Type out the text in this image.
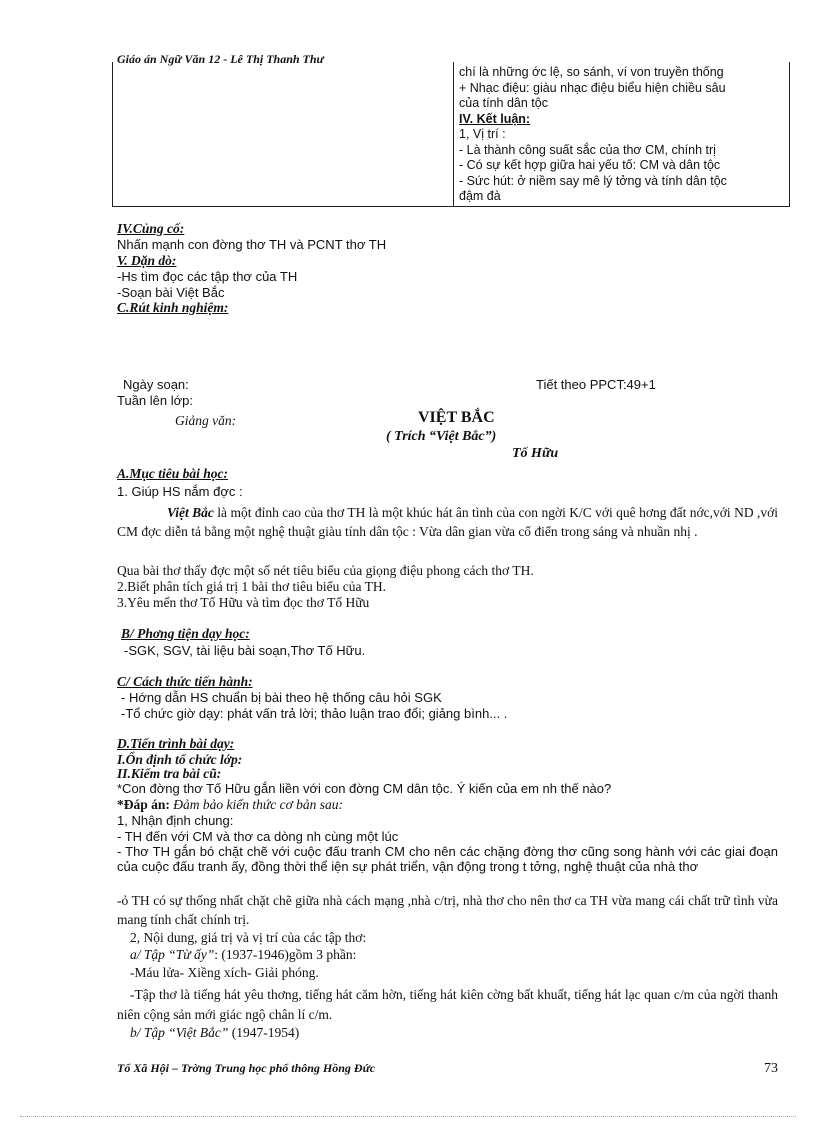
Giáo án Ngữ Văn 12 - Lê Thị Thanh Thư
chí là những ớc lệ, so sánh, ví von truyền thống
+ Nhạc điệu: giàu nhạc điệu biểu hiện chiều sâu
của tính dân tộc
IV. Kết luận:
1, Vị trí :
- Là thành công suất sắc của thơ CM, chính trị
- Có sự kết hợp giữa hai yếu tố: CM và dân tộc
- Sức hút: ở niềm say mê lý tởng và tính dân tộc
đậm đà
IV.Củng cố:
Nhấn mạnh con đờng thơ TH và PCNT thơ TH
V. Dặn dò:
-Hs tìm đọc các tập thơ của TH
-Soạn bài Việt Bắc
C.Rút kinh nghiệm:
Ngày soạn:	Tiết theo PPCT:49+1
Tuần lên lớp:
Giảng văn:	VIỆT BẮC
( Trích “Việt Bắc”)
Tố Hữu
A.Mục tiêu bài học:
1. Giúp HS nắm đợc :
Việt Bắc là một đỉnh cao của thơ TH là một khúc hát ân tình của con ngời K/C với quê hơng đất nớc,với ND ,với CM đợc diễn tả bằng một nghệ thuật giàu tính dân tộc : Vừa dân gian vừa cổ điển trong sáng và nhuần nhị .
Qua bài thơ thấy đợc một số nét tiêu biểu của giọng điệu phong cách thơ TH.
2.Biết phân tích giá trị 1 bài thơ tiêu biểu của TH.
3.Yêu mến thơ Tố Hữu và tìm đọc thơ Tố Hữu
B/ Phơng tiện dạy học:
-SGK, SGV, tài liệu bài soạn,Thơ Tố Hữu.
C/ Cách thức tiến hành:
- Hớng dẫn HS chuẩn bị bài theo hệ thống câu hỏi SGK
-Tổ chức giờ dạy: phát vấn trả lời; thảo luận trao đổi; giảng bình... .
D.Tiến trình bài dạy:
I.Ổn định tổ chức lớp:
II.Kiểm tra bài cũ:
*Con đờng thơ Tố Hữu gắn liền với con đờng CM dân tộc. Ý kiến của em nh thế nào?
*Đáp án: Đảm bảo kiến thức cơ bản sau:
1, Nhận định chung:
- TH đến với CM và thơ ca dòng nh cùng một lúc
- Thơ TH gắn bó chặt chẽ với cuộc đấu tranh CM cho nên các chặng đờng thơ cũng song hành với các giai đoạn của cuộc đấu tranh ấy, đồng thời thể iện sự phát triển, vận động trong t tởng, nghệ thuật của nhà thơ
-ỏ TH có sự thống nhất chặt chẽ giữa nhà cách mạng ,nhà c/trị, nhà thơ cho nên thơ ca TH vừa mang cái chất trữ tình vừa mang tính chất chính trị.
2, Nội dung, giá trị và vị trí của các tập thơ:
a/ Tập “Từ ấy”: (1937-1946)gồm 3 phần:
-Máu lửa- Xiềng xích- Giải phóng.
-Tập thơ là tiếng hát yêu thơng, tiếng hát căm hờn, tiếng hát kiên cờng bất khuất, tiếng hát lạc quan c/m của ngời thanh niên cộng sản mới giác ngộ chân lí c/m.
b/ Tập “Việt Bắc” (1947-1954)
Tổ Xã Hội – Trờng Trung học phổ thông Hồng Đức	73
